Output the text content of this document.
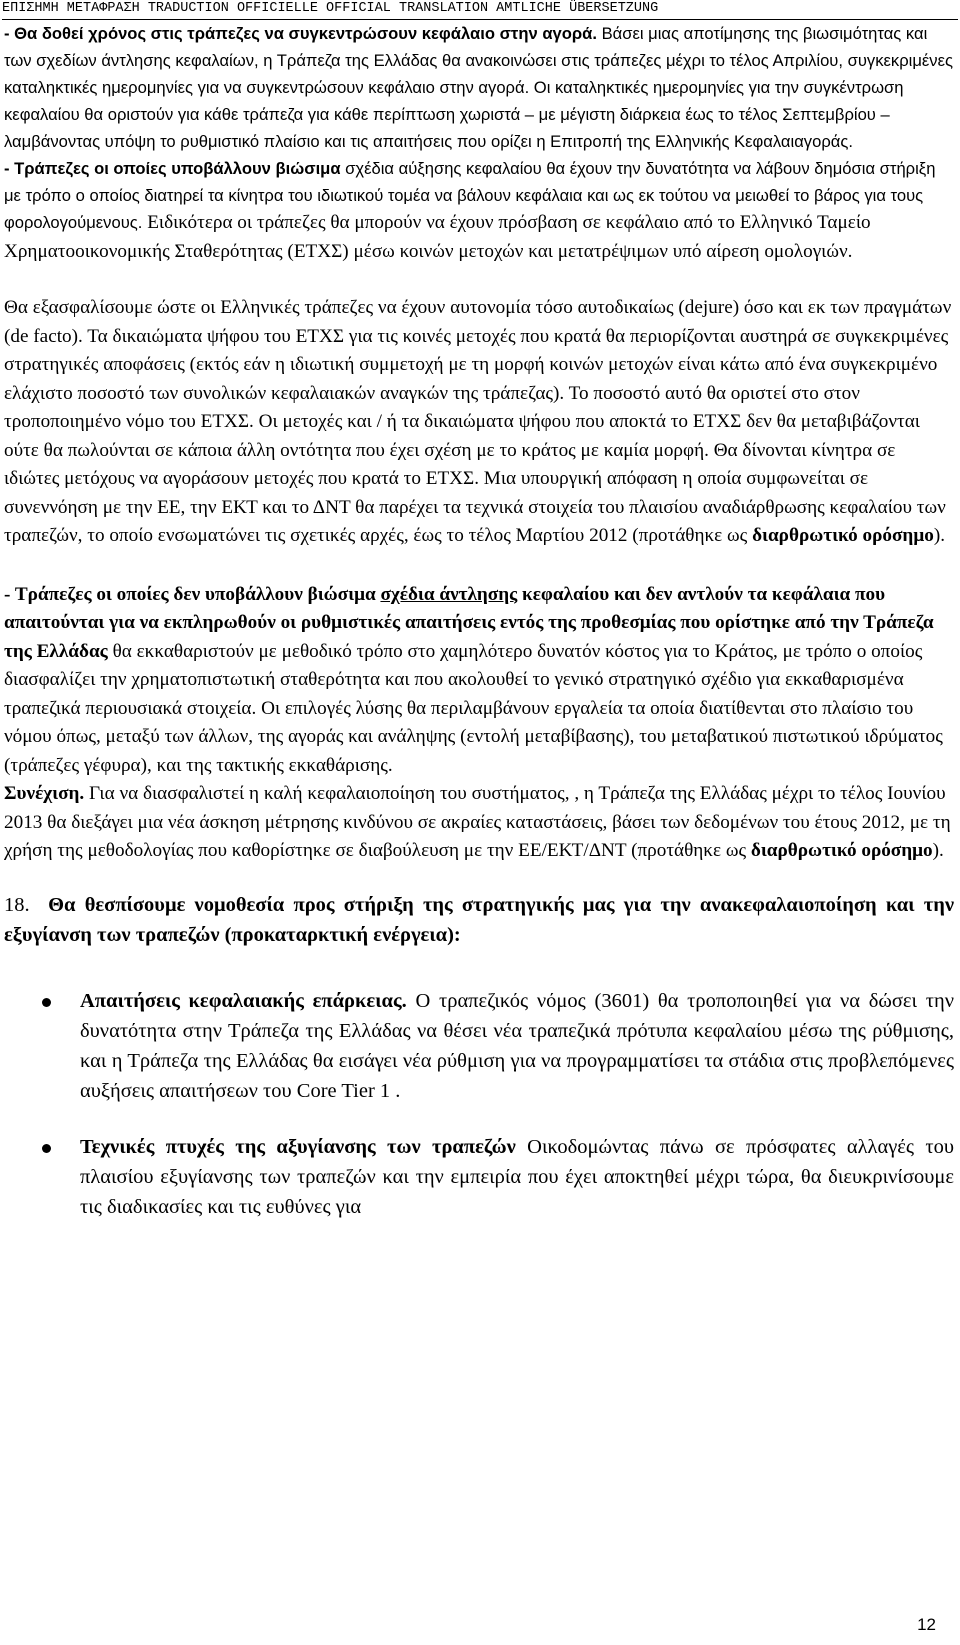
ΕΠΙΣΗΜΗ ΜΕΤΑΦΡΑΣΗ TRADUCTION OFFICIELLE OFFICIAL TRANSLATION AMTLICHE ÜBERSETZUNG

- Θα δοθεί χρόνος στις τράπεζες να συγκεντρώσουν κεφάλαιο στην αγορά. Βάσει μιας αποτίμησης της βιωσιμότητας και των σχεδίων άντλησης κεφαλαίων, η Τράπεζα της Ελλάδας θα ανακοινώσει στις τράπεζες μέχρι το τέλος Απριλίου, συγκεκριμένες καταληκτικές ημερομηνίες για να συγκεντρώσουν κεφάλαιο στην αγορά. Οι καταληκτικές ημερομηνίες για την συγκέντρωση κεφαλαίου θα οριστούν για κάθε τράπεζα για κάθε περίπτωση χωριστά – με μέγιστη διάρκεια έως το τέλος Σεπτεμβρίου – λαμβάνοντας υπόψη το ρυθμιστικό πλαίσιο και τις απαιτήσεις που ορίζει η Επιτροπή της Ελληνικής Κεφαλαιαγοράς.

- Τράπεζες οι οποίες υποβάλλουν βιώσιμα σχέδια αύξησης κεφαλαίου θα έχουν την δυνατότητα να λάβουν δημόσια στήριξη με τρόπο ο οποίος διατηρεί τα κίνητρα του ιδιωτικού τομέα να βάλουν κεφάλαια και ως εκ τούτου να μειωθεί το βάρος για τους φορολογούμενους. Ειδικότερα οι τράπεζες θα μπορούν να έχουν πρόσβαση σε κεφάλαιο από το Ελληνικό Ταμείο Χρηματοοικονομικής Σταθερότητας (ΕΤΧΣ) μέσω κοινών μετοχών και μετατρέψιμων υπό αίρεση ομολογιών.

Θα εξασφαλίσουμε ώστε οι Ελληνικές τράπεζες να έχουν αυτονομία τόσο αυτοδικαίως (dejure) όσο και εκ των πραγμάτων (de facto). Τα δικαιώματα ψήφου του ΕΤΧΣ για τις κοινές μετοχές που κρατά θα περιορίζονται αυστηρά σε συγκεκριμένες στρατηγικές αποφάσεις (εκτός εάν η ιδιωτική συμμετοχή με τη μορφή κοινών μετοχών είναι κάτω από ένα συγκεκριμένο ελάχιστο ποσοστό των συνολικών κεφαλαιακών αναγκών της τράπεζας). Το ποσοστό αυτό θα οριστεί στο στον τροποποιημένο νόμο του ΕΤΧΣ. Οι μετοχές και / ή τα δικαιώματα ψήφου που αποκτά το ΕΤΧΣ δεν θα μεταβιβάζονται ούτε θα πωλούνται σε κάποια άλλη οντότητα που έχει σχέση με το κράτος με καμία μορφή. Θα δίνονται κίνητρα σε ιδιώτες μετόχους να αγοράσουν μετοχές που κρατά το ΕΤΧΣ. Μια υπουργική απόφαση η οποία συμφωνείται σε συνεννόηση με την ΕΕ, την ΕΚΤ και το ΔΝΤ θα παρέχει τα τεχνικά στοιχεία του πλαισίου αναδιάρθρωσης κεφαλαίου των τραπεζών, το οποίο ενσωματώνει τις σχετικές αρχές, έως το τέλος Μαρτίου 2012 (προτάθηκε ως διαρθρωτικό ορόσημο).

- Τράπεζες οι οποίες δεν υποβάλλουν βιώσιμα σχέδια άντλησης κεφαλαίου και δεν αντλούν τα κεφάλαια που απαιτούνται για να εκπληρωθούν οι ρυθμιστικές απαιτήσεις εντός της προθεσμίας που ορίστηκε από την Τράπεζα της Ελλάδας θα εκκαθαριστούν με μεθοδικό τρόπο στο χαμηλότερο δυνατόν κόστος για το Κράτος, με τρόπο ο οποίος διασφαλίζει την χρηματοπιστωτική σταθερότητα και που ακολουθεί το γενικό στρατηγικό σχέδιο για εκκαθαρισμένα τραπεζικά περιουσιακά στοιχεία. Οι επιλογές λύσης θα περιλαμβάνουν εργαλεία τα οποία διατίθενται στο πλαίσιο του νόμου όπως, μεταξύ των άλλων, της αγοράς και ανάληψης (εντολή μεταβίβασης), του μεταβατικού πιστωτικού ιδρύματος (τράπεζες γέφυρα), και της τακτικής εκκαθάρισης.

Συνέχιση. Για να διασφαλιστεί η καλή κεφαλαιοποίηση του συστήματος, , η Τράπεζα της Ελλάδας μέχρι το τέλος Ιουνίου 2013 θα διεξάγει μια νέα άσκηση μέτρησης κινδύνου σε ακραίες καταστάσεις, βάσει των δεδομένων του έτους 2012, με τη χρήση της μεθοδολογίας που καθορίστηκε σε διαβούλευση με την ΕΕ/ΕΚΤ/ΔΝΤ (προτάθηκε ως διαρθρωτικό ορόσημο).

18. Θα θεσπίσουμε νομοθεσία προς στήριξη της στρατηγικής μας για την ανακεφαλαιοποίηση και την εξυγίανση των τραπεζών (προκαταρκτική ενέργεια):

Απαιτήσεις κεφαλαιακής επάρκειας. Ο τραπεζικός νόμος (3601) θα τροποποιηθεί για να δώσει την δυνατότητα στην Τράπεζα της Ελλάδας να θέσει νέα τραπεζικά πρότυπα κεφαλαίου μέσω της ρύθμισης, και η Τράπεζα της Ελλάδας θα εισάγει νέα ρύθμιση για να προγραμματίσει τα στάδια στις προβλεπόμενες αυξήσεις απαιτήσεων του Core Tier 1 .
Τεχνικές πτυχές της αξυγίανσης των τραπεζών Οικοδομώντας πάνω σε πρόσφατες αλλαγές του πλαισίου εξυγίανσης των τραπεζών και την εμπειρία που έχει αποκτηθεί μέχρι τώρα, θα διευκρινίσουμε τις διαδικασίες και τις ευθύνες για
12
